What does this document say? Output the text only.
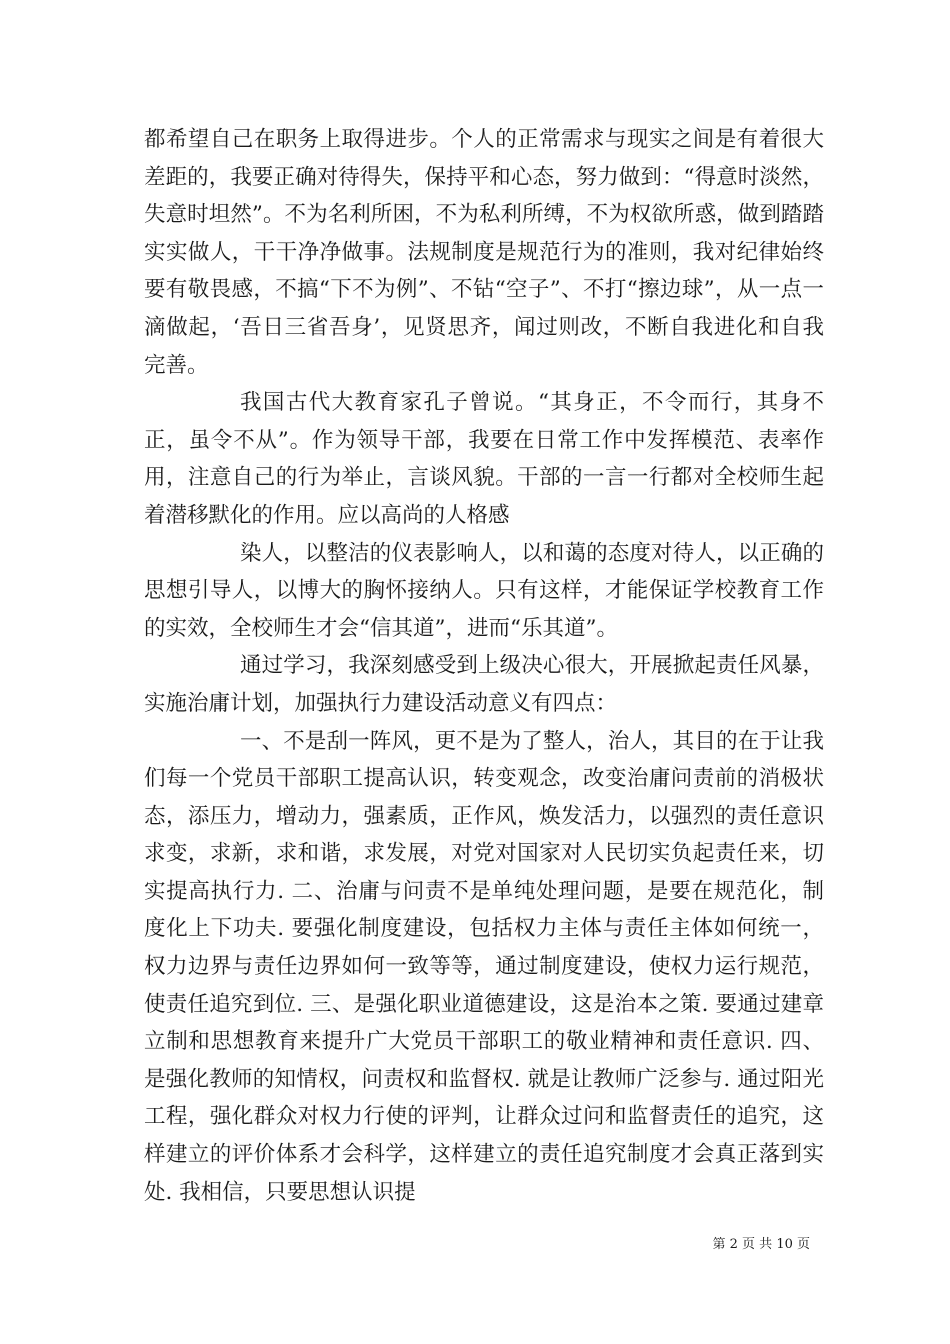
都希望自己在职务上取得进步。个人的正常需求与现实之间是有着很大差距的，我要正确对待得失，保持平和心态，努力做到：“得意时淡然，失意时坦然”。不为名利所困，不为私利所缚，不为权欲所惑，做到踏踏实实做人，干干净净做事。法规制度是规范行为的准则，我对纪律始终要有敬畏感，不搞“下不为例”、不钻“空子”、不打“擦边球”，从一点一滴做起，‘吾日三省吾身’，见贤思齐，闻过则改，不断自我进化和自我完善。

我国古代大教育家孔子曾说。“其身正，不令而行，其身不正，虽令不从”。作为领导干部，我要在日常工作中发挥模范、表率作用，注意自己的行为举止，言谈风貌。干部的一言一行都对全校师生起着潜移默化的作用。应以高尚的人格感

染人，以整洁的仪表影响人，以和蔼的态度对待人，以正确的思想引导人，以博大的胸怀接纳人。只有这样，才能保证学校教育工作的实效，全校师生才会“信其道”，进而“乐其道”。

通过学习，我深刻感受到上级决心很大，开展掀起责任风暴，实施治庸计划，加强执行力建设活动意义有四点：

一、不是刮一阵风，更不是为了整人，治人，其目的在于让我们每一个党员干部职工提高认识，转变观念，改变治庸问责前的消极状态，添压力，增动力，强素质，正作风，焕发活力，以强烈的责任意识求变，求新，求和谐，求发展，对党对国家对人民切实负起责任来，切实提高执行力. 二、治庸与问责不是单纯处理问题，是要在规范化，制度化上下功夫. 要强化制度建设，包括权力主体与责任主体如何统一，权力边界与责任边界如何一致等等，通过制度建设，使权力运行规范，使责任追究到位. 三、是强化职业道德建设，这是治本之策. 要通过建章立制和思想教育来提升广大党员干部职工的敬业精神和责任意识. 四、是强化教师的知情权，问责权和监督权. 就是让教师广泛参与. 通过阳光工程，强化群众对权力行使的评判，让群众过问和监督责任的追究，这样建立的评价体系才会科学，这样建立的责任追究制度才会真正落到实处. 我相信，只要思想认识提

第 2 页 共 10 页
